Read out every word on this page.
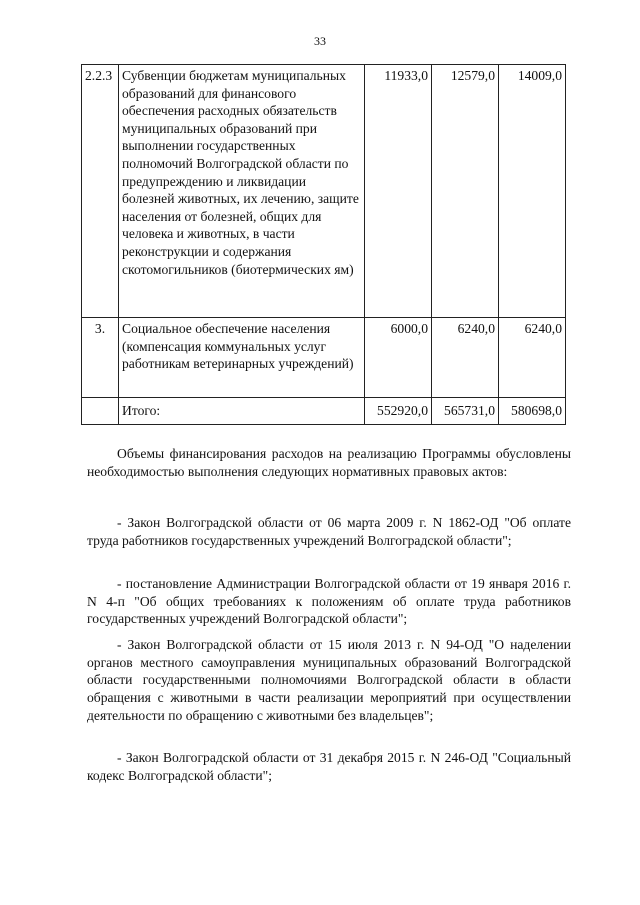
33
2.2.3	Субвенции бюджетам муниципальных образований для финансового обеспечения расходных обязательств муниципальных образований при выполнении государственных полномочий Волгоградской области по предупреждению и ликвидации болезней животных, их лечению, защите населения от болезней, общих для человека и животных, в части реконструкции и содержания скотомогильников (биотермических ям)	11933,0	12579,0	14009,0
3.	Социальное обеспечение населения (компенсация коммунальных услуг работникам ветеринарных учреждений)	6000,0	6240,0	6240,0
	Итого:	552920,0	565731,0	580698,0

Объемы финансирования расходов на реализацию Программы обусловлены необходимостью выполнения следующих нормативных правовых актов:

- Закон Волгоградской области от 06 марта 2009 г. N 1862-ОД "Об оплате труда работников государственных учреждений Волгоградской области";

- постановление Администрации Волгоградской области от 19 января 2016 г. N 4-п "Об общих требованиях к положениям об оплате труда работников государственных учреждений Волгоградской области";

- Закон Волгоградской области от 15 июля 2013 г. N 94-ОД "О наделении органов местного самоуправления муниципальных образований Волгоградской области государственными полномочиями Волгоградской области в области обращения с животными в части реализации мероприятий при осуществлении деятельности по обращению с животными без владельцев";

- Закон Волгоградской области от 31 декабря 2015 г. N 246-ОД "Социальный кодекс Волгоградской области";
